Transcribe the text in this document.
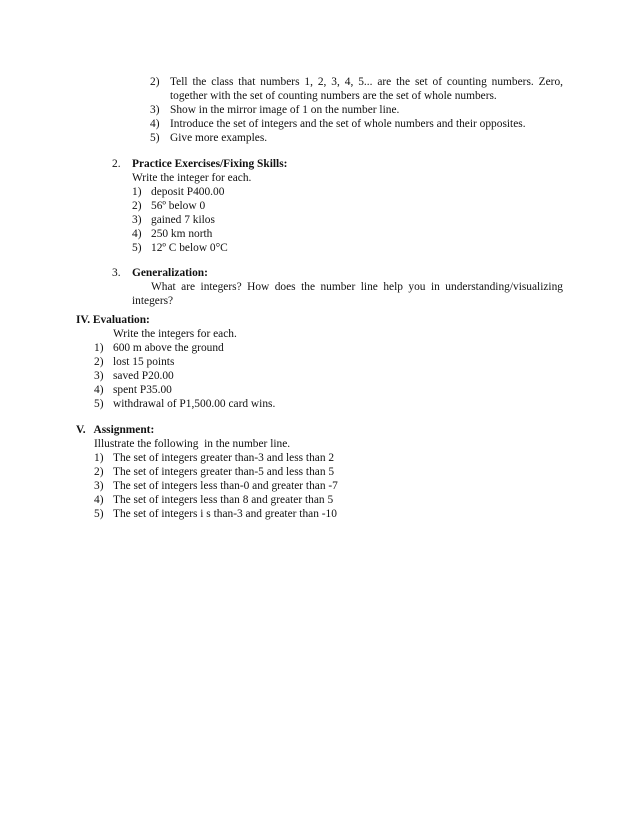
2) Tell the class that numbers 1, 2, 3, 4, 5... are the set of counting numbers. Zero,
together with the set of counting numbers are the set of whole numbers.
3) Show in the mirror image of 1 on the number line.
4) Introduce the set of integers and the set of whole numbers and their opposites.
5) Give more examples.
2. Practice Exercises/Fixing Skills:
Write the integer for each.
1) deposit P400.00
2) 56º below 0
3) gained 7 kilos
4) 250 km north
5) 12º C below 0°C
3. Generalization:
What are integers? How does the number line help you in understanding/visualizing
integers?
IV. Evaluation:
Write the integers for each.
1) 600 m above the ground
2) lost 15 points
3) saved P20.00
4) spent P35.00
5) withdrawal of P1,500.00 card wins.
V.   Assignment:
Illustrate the following  in the number line.
1) The set of integers greater than-3 and less than 2
2) The set of integers greater than-5 and less than 5
3) The set of integers less than-0 and greater than -7
4) The set of integers less than 8 and greater than 5
5) The set of integers i s than-3 and greater than -10
